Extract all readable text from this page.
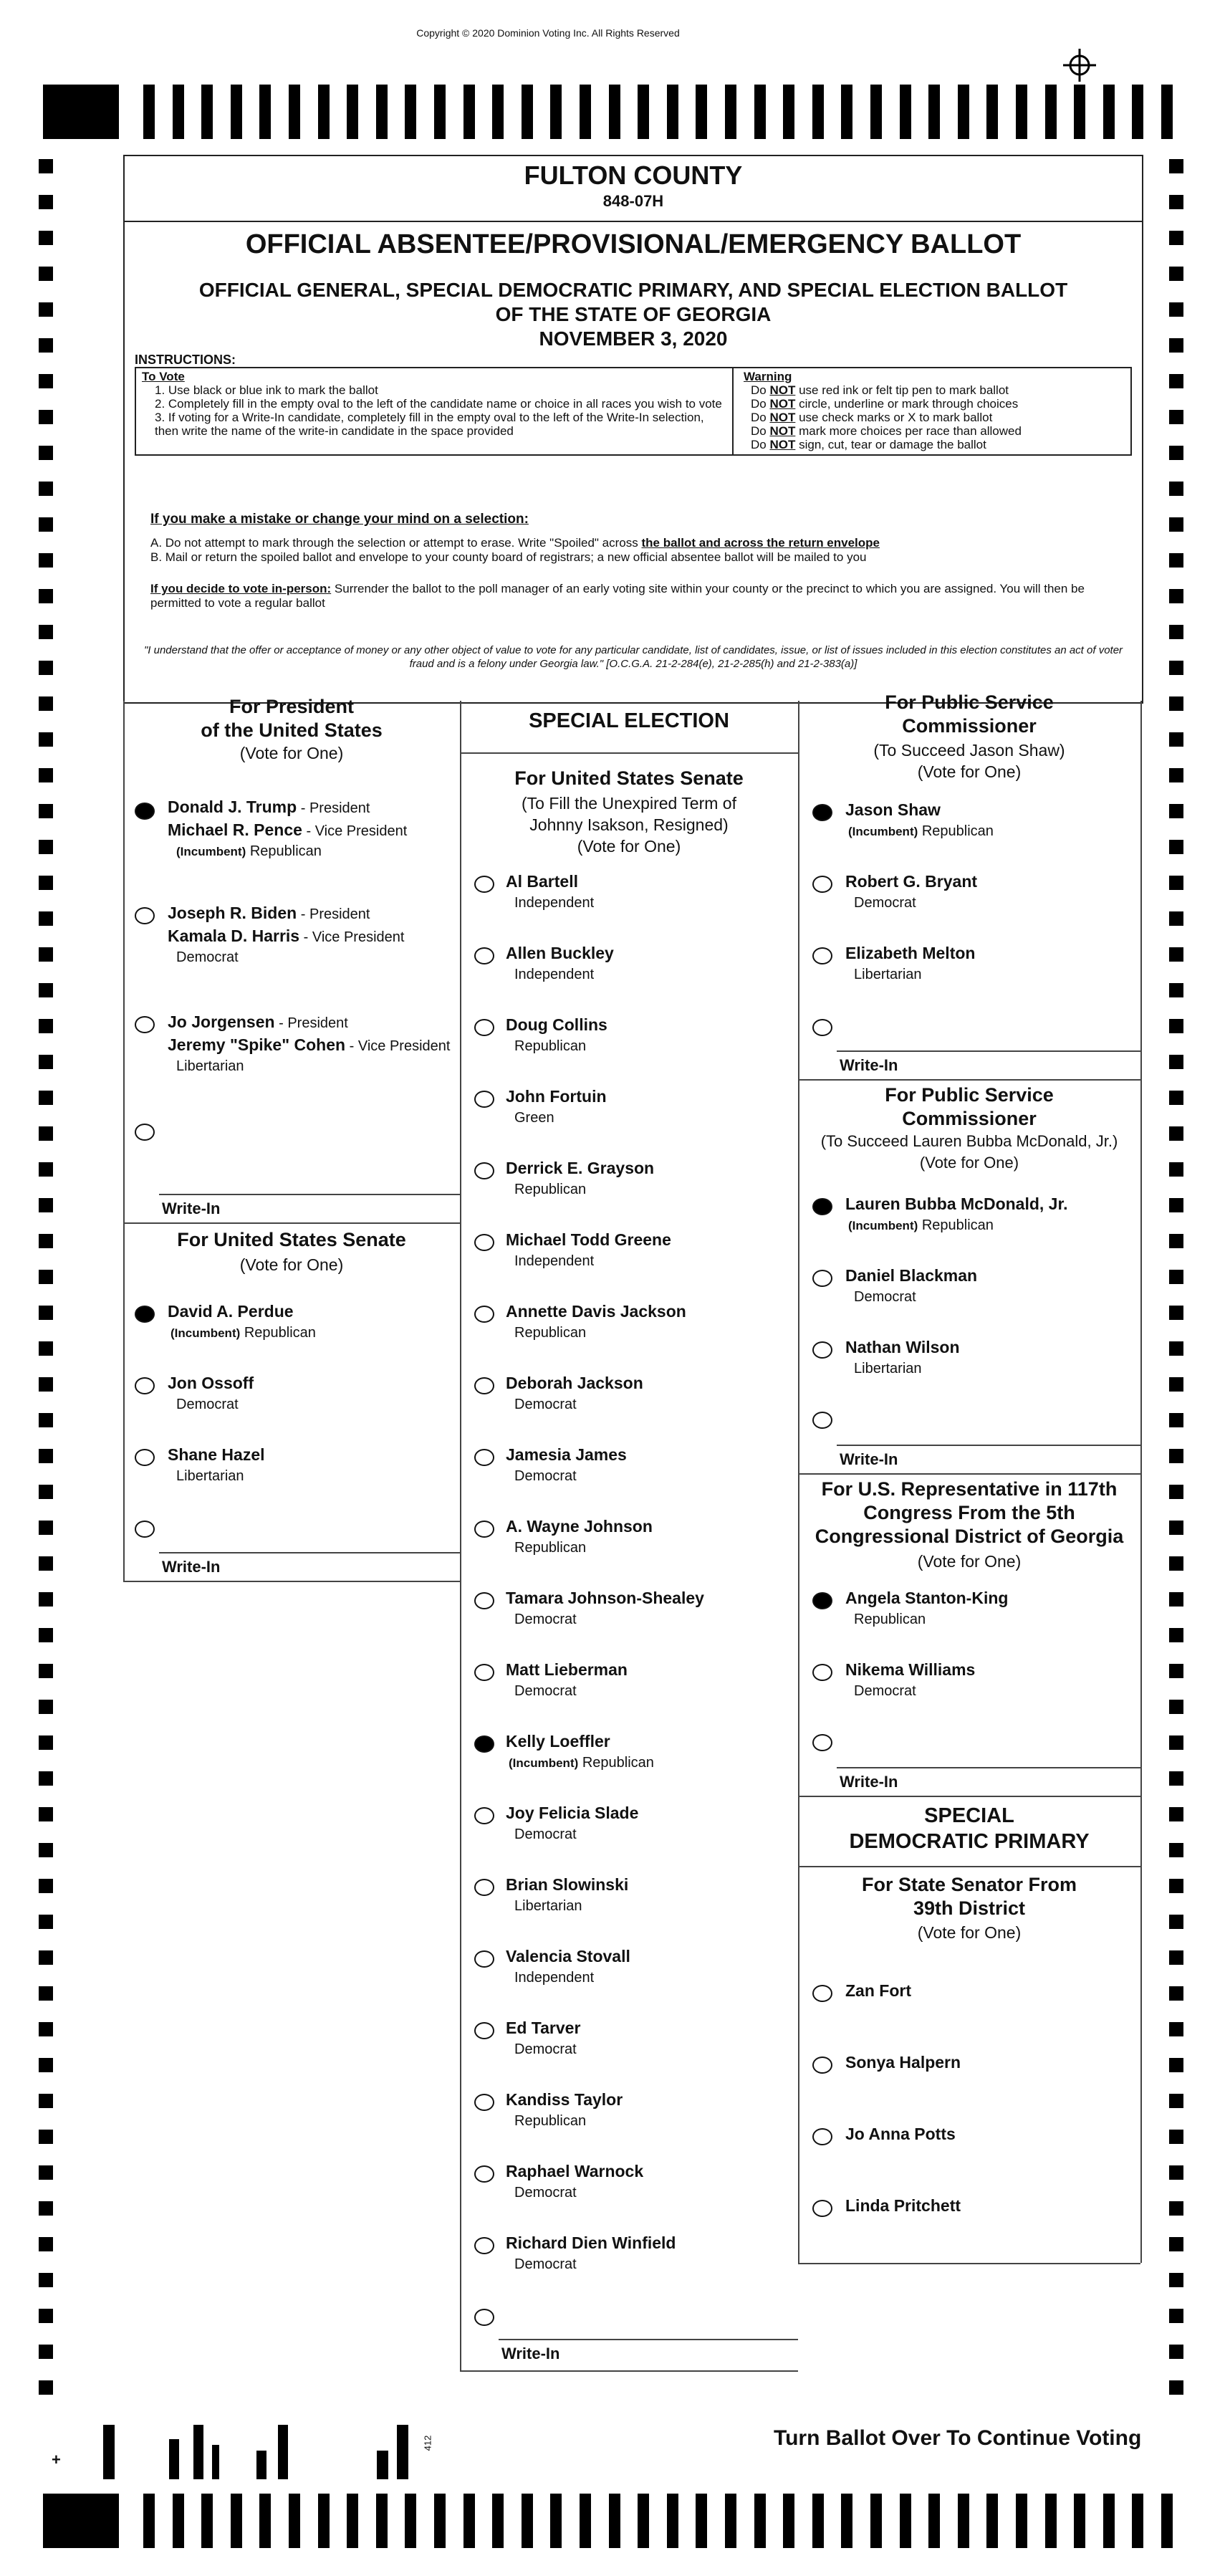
Copyright © 2020 Dominion Voting Inc. All Rights Reserved
FULTON COUNTY
848-07H
OFFICIAL ABSENTEE/PROVISIONAL/EMERGENCY BALLOT
OFFICIAL GENERAL, SPECIAL DEMOCRATIC PRIMARY, AND SPECIAL ELECTION BALLOT
OF THE STATE OF GEORGIA
NOVEMBER 3, 2020
INSTRUCTIONS:
To Vote
1. Use black or blue ink to mark the ballot
2. Completely fill in the empty oval to the left of the candidate name or choice in all races you wish to vote
3. If voting for a Write-In candidate, completely fill in the empty oval to the left of the Write-In selection, then write the name of the write-in candidate in the space provided
Warning
Do NOT use red ink or felt tip pen to mark ballot
Do NOT circle, underline or mark through choices
Do NOT use check marks or X to mark ballot
Do NOT mark more choices per race than allowed
Do NOT sign, cut, tear or damage the ballot
If you make a mistake or change your mind on a selection:
A. Do not attempt to mark through the selection or attempt to erase. Write "Spoiled" across the ballot and across the return envelope
B. Mail or return the spoiled ballot and envelope to your county board of registrars; a new official absentee ballot will be mailed to you
If you decide to vote in-person: Surrender the ballot to the poll manager of an early voting site within your county or the precinct to which you are assigned. You will then be permitted to vote a regular ballot
"I understand that the offer or acceptance of money or any other object of value to vote for any particular candidate, list of candidates, issue, or list of issues included in this election constitutes an act of voter fraud and is a felony under Georgia law." [O.C.G.A. 21-2-284(e), 21-2-285(h) and 21-2-383(a)]
For President
of the United States
(Vote for One)
Donald J. Trump - President
Michael R. Pence - Vice President
(Incumbent) Republican
Joseph R. Biden - President
Kamala D. Harris - Vice President
Democrat
Jo Jorgensen - President
Jeremy "Spike" Cohen - Vice President
Libertarian
Write-In
For United States Senate
(Vote for One)
David A. Perdue
(Incumbent) Republican
Jon Ossoff
Democrat
Shane Hazel
Libertarian
Write-In
SPECIAL ELECTION
For United States Senate
(To Fill the Unexpired Term of
Johnny Isakson, Resigned)
(Vote for One)
Al Bartell
Independent
Allen Buckley
Independent
Doug Collins
Republican
John Fortuin
Green
Derrick E. Grayson
Republican
Michael Todd Greene
Independent
Annette Davis Jackson
Republican
Deborah Jackson
Democrat
Jamesia James
Democrat
A. Wayne Johnson
Republican
Tamara Johnson-Shealey
Democrat
Matt Lieberman
Democrat
Kelly Loeffler
(Incumbent) Republican
Joy Felicia Slade
Democrat
Brian Slowinski
Libertarian
Valencia Stovall
Independent
Ed Tarver
Democrat
Kandiss Taylor
Republican
Raphael Warnock
Democrat
Richard Dien Winfield
Democrat
Write-In
For Public Service
Commissioner
(To Succeed Jason Shaw)
(Vote for One)
Jason Shaw
(Incumbent) Republican
Robert G. Bryant
Democrat
Elizabeth Melton
Libertarian
Write-In
For Public Service
Commissioner
(To Succeed Lauren Bubba McDonald, Jr.)
(Vote for One)
Lauren Bubba McDonald, Jr.
(Incumbent) Republican
Daniel Blackman
Democrat
Nathan Wilson
Libertarian
Write-In
For U.S. Representative in 117th
Congress From the 5th
Congressional District of Georgia
(Vote for One)
Angela Stanton-King
Republican
Nikema Williams
Democrat
Write-In
SPECIAL
DEMOCRATIC PRIMARY
For State Senator From
39th District
(Vote for One)
Zan Fort
Sonya Halpern
Jo Anna Potts
Linda Pritchett
Turn Ballot Over To Continue Voting
412
+
